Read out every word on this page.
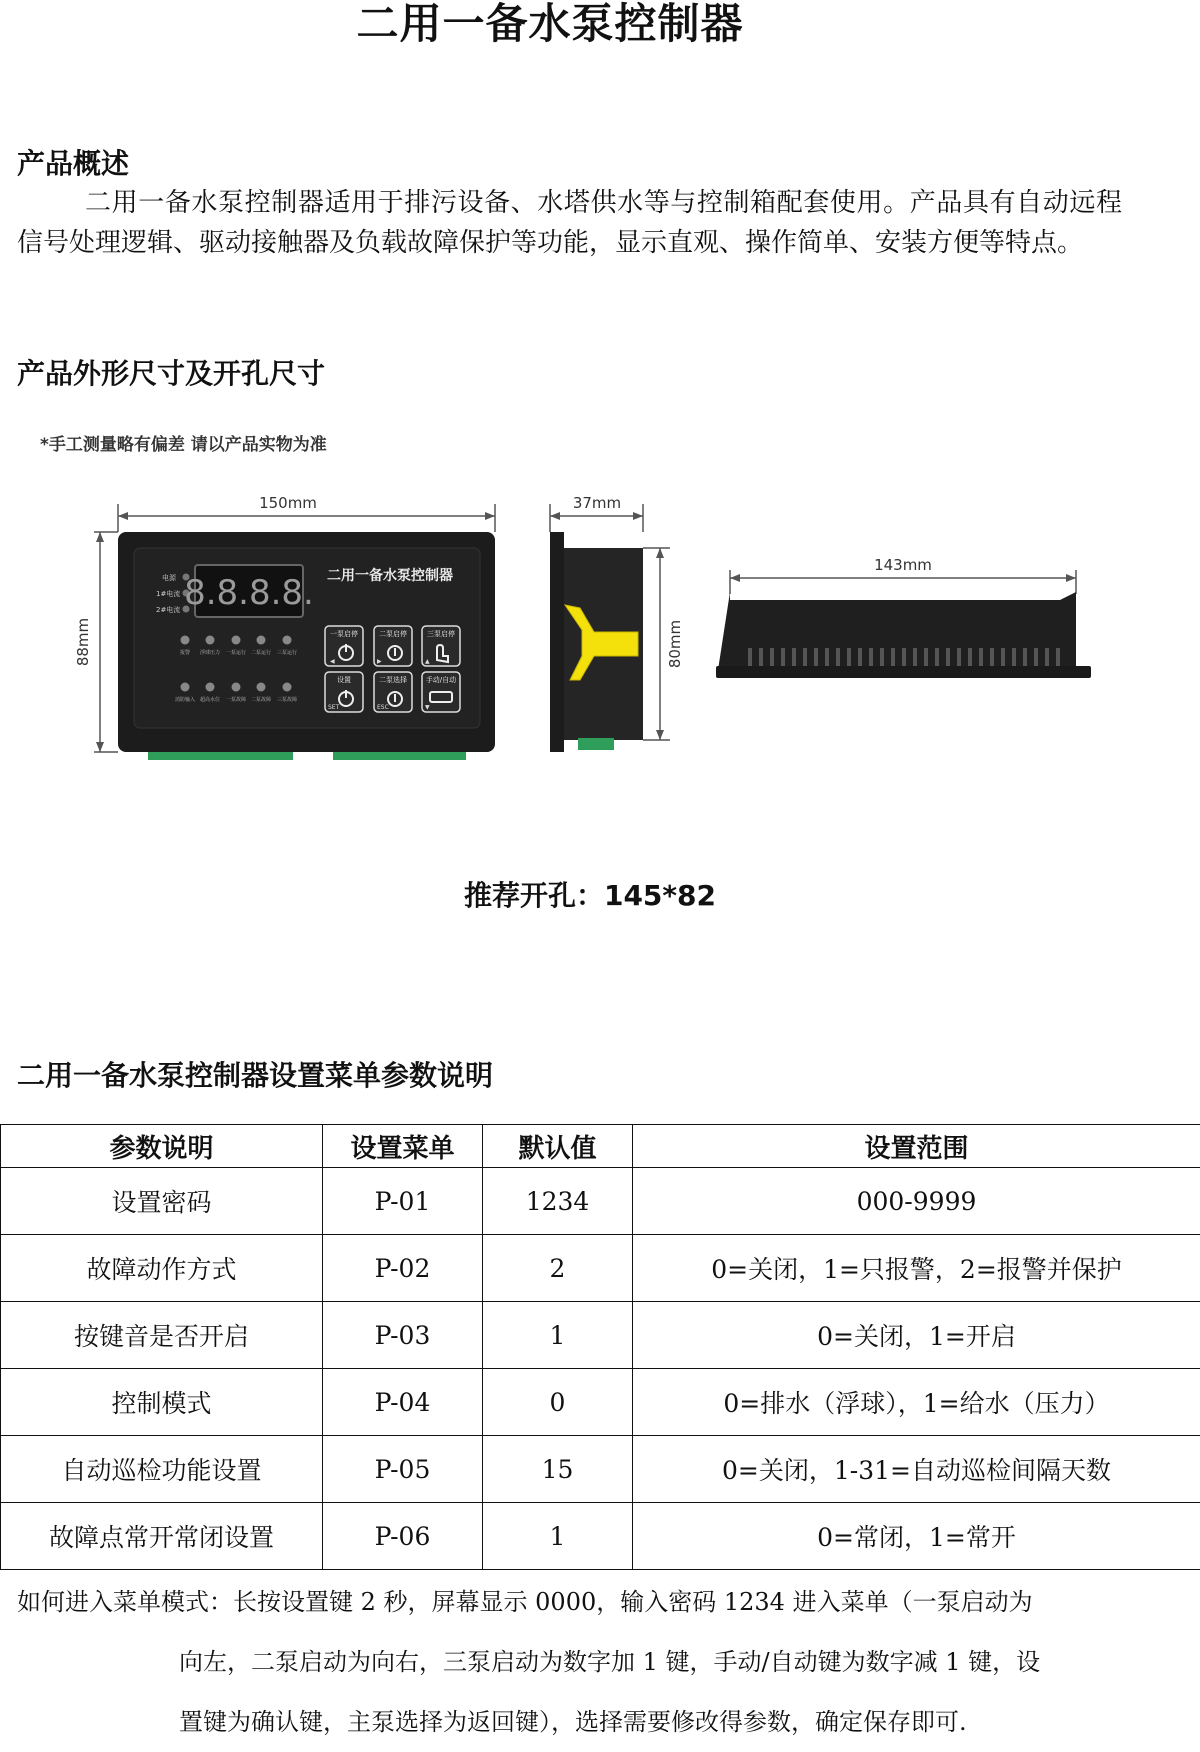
二用一备水泵控制器
产品概述
二用一备水泵控制器适用于排污设备、水塔供水等与控制箱配套使用。产品具有自动远程信号处理逻辑、驱动接触器及负载故障保护等功能，显示直观、操作简单、安装方便等特点。
产品外形尺寸及开孔尺寸
*手工测量略有偏差 请以产品实物为准
150mm
88mm
37mm
80mm
143mm
电源
1#电流
2#电流 8.8.8.8. 二用一备水泵控制器
报警 浮球压力 一泵运行 二泵运行 三泵运行
消防输入 超高水位 一泵故障 二泵故障 三泵故障
一泵启停	二泵启停	三泵启停
设置	二泵选择	手动/自动
◀	▶	▲
SET	ESC	▼
推荐开孔：145*82
二用一备水泵控制器设置菜单参数说明
参数说明	设置菜单	默认值	设置范围
设置密码	P-01	1234	000-9999
故障动作方式	P-02	2	0=关闭，1=只报警，2=报警并保护
按键音是否开启	P-03	1	0=关闭，1=开启
控制模式	P-04	0	0=排水（浮球），1=给水（压力）
自动巡检功能设置	P-05	15	0=关闭，1-31=自动巡检间隔天数
故障点常开常闭设置	P-06	1	0=常闭，1=常开
如何进入菜单模式：长按设置键 2 秒，屏幕显示 0000，输入密码 1234 进入菜单（一泵启动为
向左，二泵启动为向右，三泵启动为数字加 1 键，手动/自动键为数字减 1 键，设
置键为确认键，主泵选择为返回键），选择需要修改得参数，确定保存即可.
